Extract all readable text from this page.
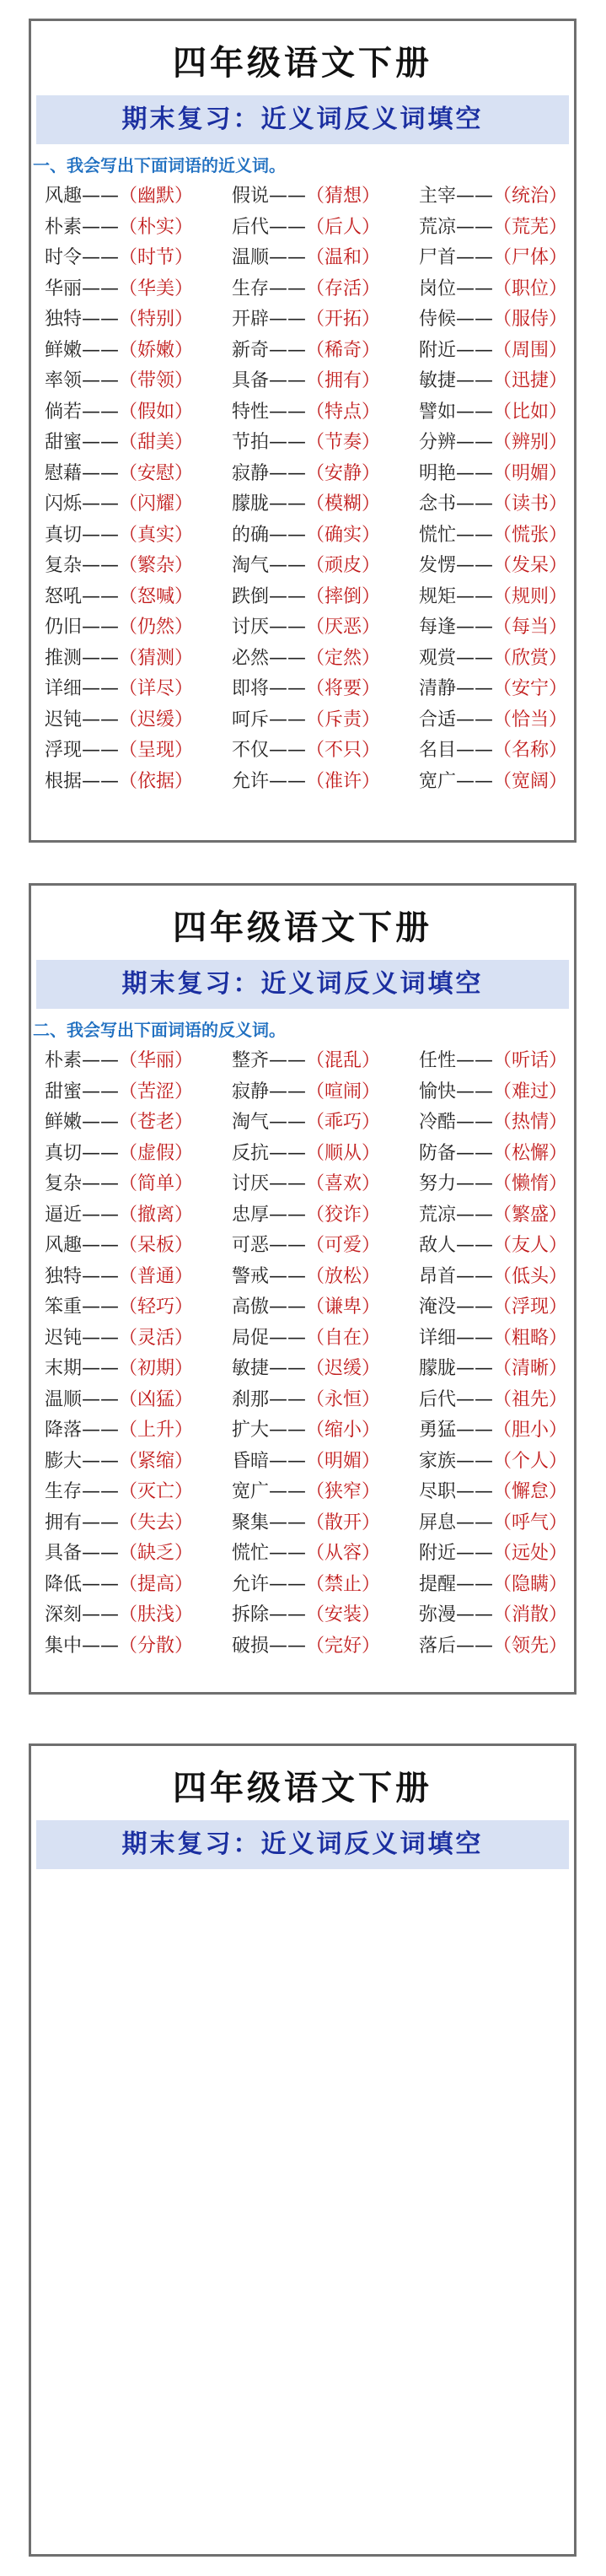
四年级语文下册
期末复习：近义词反义词填空
一、我会写出下面词语的近义词。
风趣——（幽默）	假说——（猜想）	主宰——（统治）
朴素——（朴实）	后代——（后人）	荒凉——（荒芜）
时令——（时节）	温顺——（温和）	尸首——（尸体）
华丽——（华美）	生存——（存活）	岗位——（职位）
独特——（特别）	开辟——（开拓）	侍候——（服侍）
鲜嫩——（娇嫩）	新奇——（稀奇）	附近——（周围）
率领——（带领）	具备——（拥有）	敏捷——（迅捷）
倘若——（假如）	特性——（特点）	譬如——（比如）
甜蜜——（甜美）	节拍——（节奏）	分辨——（辨别）
慰藉——（安慰）	寂静——（安静）	明艳——（明媚）
闪烁——（闪耀）	朦胧——（模糊）	念书——（读书）
真切——（真实）	的确——（确实）	慌忙——（慌张）
复杂——（繁杂）	淘气——（顽皮）	发愣——（发呆）
怒吼——（怒喊）	跌倒——（摔倒）	规矩——（规则）
仍旧——（仍然）	讨厌——（厌恶）	每逢——（每当）
推测——（猜测）	必然——（定然）	观赏——（欣赏）
详细——（详尽）	即将——（将要）	清静——（安宁）
迟钝——（迟缓）	呵斥——（斥责）	合适——（恰当）
浮现——（呈现）	不仅——（不只）	名目——（名称）
根据——（依据）	允许——（准许）	宽广——（宽阔）
四年级语文下册
期末复习：近义词反义词填空
二、我会写出下面词语的反义词。
朴素——（华丽）	整齐——（混乱）	任性——（听话）
甜蜜——（苦涩）	寂静——（喧闹）	愉快——（难过）
鲜嫩——（苍老）	淘气——（乖巧）	冷酷——（热情）
真切——（虚假）	反抗——（顺从）	防备——（松懈）
复杂——（简单）	讨厌——（喜欢）	努力——（懒惰）
逼近——（撤离）	忠厚——（狡诈）	荒凉——（繁盛）
风趣——（呆板）	可恶——（可爱）	敌人——（友人）
独特——（普通）	警戒——（放松）	昂首——（低头）
笨重——（轻巧）	高傲——（谦卑）	淹没——（浮现）
迟钝——（灵活）	局促——（自在）	详细——（粗略）
末期——（初期）	敏捷——（迟缓）	朦胧——（清晰）
温顺——（凶猛）	刹那——（永恒）	后代——（祖先）
降落——（上升）	扩大——（缩小）	勇猛——（胆小）
膨大——（紧缩）	昏暗——（明媚）	家族——（个人）
生存——（灭亡）	宽广——（狭窄）	尽职——（懈怠）
拥有——（失去）	聚集——（散开）	屏息——（呼气）
具备——（缺乏）	慌忙——（从容）	附近——（远处）
降低——（提高）	允许——（禁止）	提醒——（隐瞒）
深刻——（肤浅）	拆除——（安装）	弥漫——（消散）
集中——（分散）	破损——（完好）	落后——（领先）
四年级语文下册
期末复习：近义词反义词填空
